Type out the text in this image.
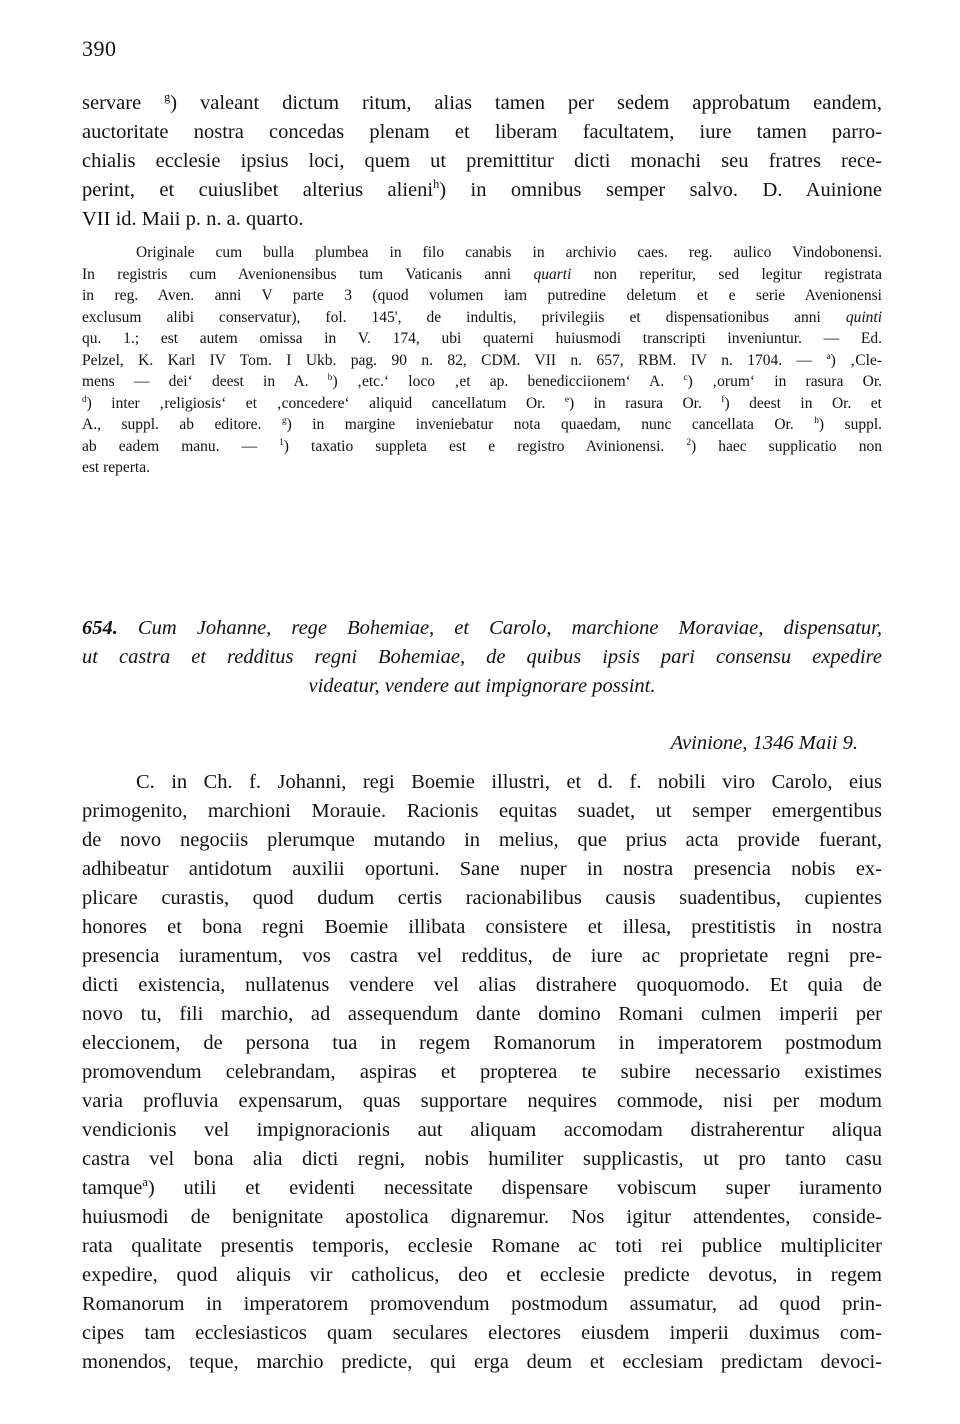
390
servare $^g$) valeant dictum ritum, alias tamen per sedem approbatum eandem,
auctoritate nostra concedas plenam et liberam facultatem, iure tamen parro-
chialis ecclesie ipsius loci, quem ut premittitur dicti monachi seu fratres rece-
perint, et cuiuslibet alterius alieni$^h$) in omnibus semper salvo. D. Auinione
VII id. Maii p. n. a. quarto.
Originale cum bulla plumbea in filo canabis in archivio caes. reg. aulico Vindobonensi.
In registris cum Avenionensibus tum Vaticanis anni quarti non reperitur, sed legitur registrata
in reg. Aven. anni V parte 3 (quod volumen iam putredine deletum et e serie Avenionensi
exclusum alibi conservatur), fol. 145', de indultis, privilegiis et dispensationibus anni quinti
qu. 1.; est autem omissa in V. 174, ubi quaterni huiusmodi transcripti inveniuntur. — Ed.
Pelzel, K. Karl IV Tom. I Ukb. pag. 90 n. 82, CDM. VII n. 657, RBM. IV n. 1704. — $^a$) ‚Cle-
mens — dei‘ deest in A. $^b$) ‚etc.‘ loco ‚et ap. benedicciionem‘ A. $^c$) ‚orum‘ in rasura Or.
$^d$) inter ‚religiosis‘ et ‚concedere‘ aliquid cancellatum Or. $^e$) in rasura Or. $^f$) deest in Or. et
A., suppl. ab editore. $^g$) in margine inveniebatur nota quaedam, nunc cancellata Or. $^h$) suppl.
ab eadem manu. — $^1$) taxatio suppleta est e registro Avinionensi. $^2$) haec supplicatio non
est reperta.
654. Cum Johanne, rege Bohemiae, et Carolo, marchione Moraviae, dispensatur,
ut castra et redditus regni Bohemiae, de quibus ipsis pari consensu expedire
videatur, vendere aut impignorare possint.
Avinione, 1346 Maii 9.
C. in Ch. f. Johanni, regi Boemie illustri, et d. f. nobili viro Carolo, eius
primogenito, marchioni Morauie. Racionis equitas suadet, ut semper emergentibus
de novo negociis plerumque mutando in melius, que prius acta provide fuerant,
adhibeatur antidotum auxilii oportuni. Sane nuper in nostra presencia nobis ex-
plicare curastis, quod dudum certis racionabilibus causis suadentibus, cupientes
honores et bona regni Boemie illibata consistere et illesa, prestitistis in nostra
presencia iuramentum, vos castra vel redditus, de iure ac proprietate regni pre-
dicti existencia, nullatenus vendere vel alias distrahere quoquomodo. Et quia de
novo tu, fili marchio, ad assequendum dante domino Romani culmen imperii per
eleccionem, de persona tua in regem Romanorum in imperatorem postmodum
promovendum celebrandam, aspiras et propterea te subire necessario existimes
varia profluvia expensarum, quas supportare nequires commode, nisi per modum
vendicionis vel impignoracionis aut aliquam accomodam distraherentur aliqua
castra vel bona alia dicti regni, nobis humiliter supplicastis, ut pro tanto casu
tamque$^a$) utili et evidenti necessitate dispensare vobiscum super iuramento
huiusmodi de benignitate apostolica dignaremur. Nos igitur attendentes, conside-
rata qualitate presentis temporis, ecclesie Romane ac toti rei publice multipliciter
expedire, quod aliquis vir catholicus, deo et ecclesie predicte devotus, in regem
Romanorum in imperatorem promovendum postmodum assumatur, ad quod prin-
cipes tam ecclesiasticos quam seculares electores eiusdem imperii duximus com-
monendos, teque, marchio predicte, qui erga deum et ecclesiam predictam devoci-
